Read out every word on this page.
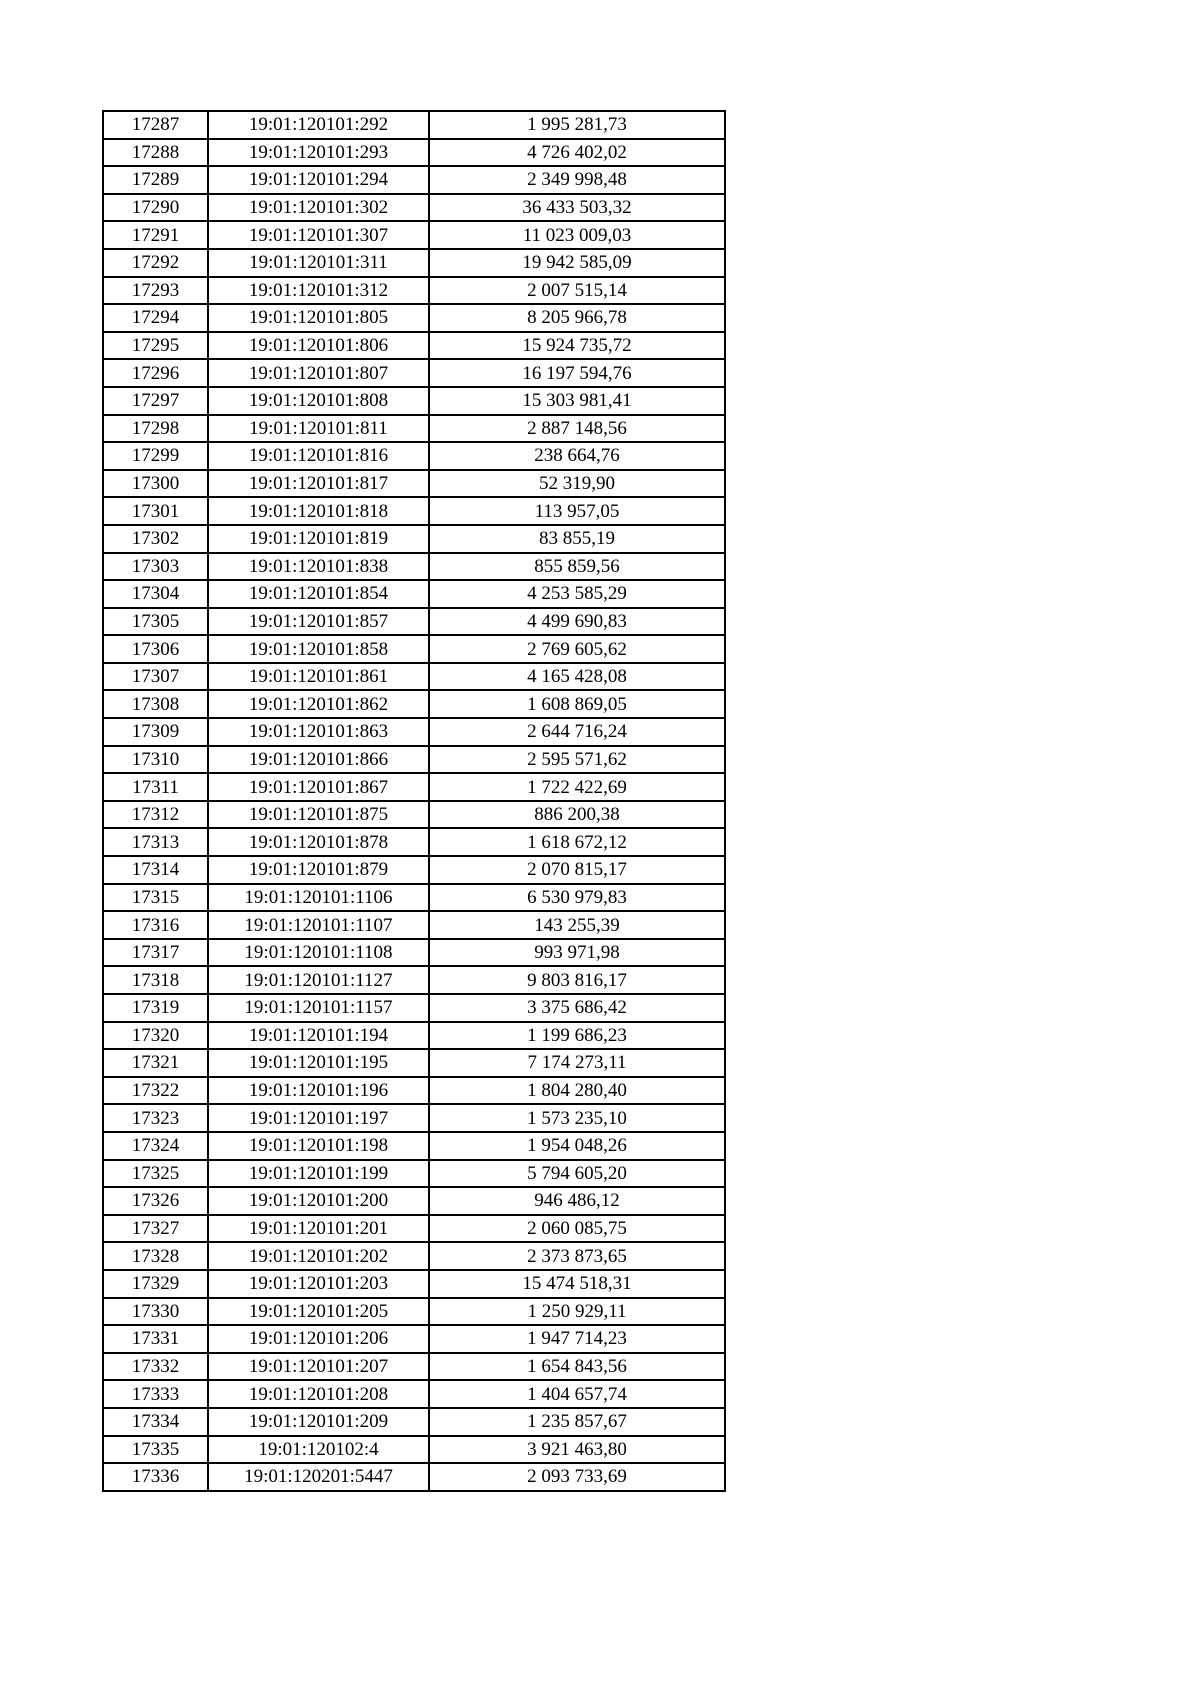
17287	19:01:120101:292	1 995 281,73
17288	19:01:120101:293	4 726 402,02
17289	19:01:120101:294	2 349 998,48
17290	19:01:120101:302	36 433 503,32
17291	19:01:120101:307	11 023 009,03
17292	19:01:120101:311	19 942 585,09
17293	19:01:120101:312	2 007 515,14
17294	19:01:120101:805	8 205 966,78
17295	19:01:120101:806	15 924 735,72
17296	19:01:120101:807	16 197 594,76
17297	19:01:120101:808	15 303 981,41
17298	19:01:120101:811	2 887 148,56
17299	19:01:120101:816	238 664,76
17300	19:01:120101:817	52 319,90
17301	19:01:120101:818	113 957,05
17302	19:01:120101:819	83 855,19
17303	19:01:120101:838	855 859,56
17304	19:01:120101:854	4 253 585,29
17305	19:01:120101:857	4 499 690,83
17306	19:01:120101:858	2 769 605,62
17307	19:01:120101:861	4 165 428,08
17308	19:01:120101:862	1 608 869,05
17309	19:01:120101:863	2 644 716,24
17310	19:01:120101:866	2 595 571,62
17311	19:01:120101:867	1 722 422,69
17312	19:01:120101:875	886 200,38
17313	19:01:120101:878	1 618 672,12
17314	19:01:120101:879	2 070 815,17
17315	19:01:120101:1106	6 530 979,83
17316	19:01:120101:1107	143 255,39
17317	19:01:120101:1108	993 971,98
17318	19:01:120101:1127	9 803 816,17
17319	19:01:120101:1157	3 375 686,42
17320	19:01:120101:194	1 199 686,23
17321	19:01:120101:195	7 174 273,11
17322	19:01:120101:196	1 804 280,40
17323	19:01:120101:197	1 573 235,10
17324	19:01:120101:198	1 954 048,26
17325	19:01:120101:199	5 794 605,20
17326	19:01:120101:200	946 486,12
17327	19:01:120101:201	2 060 085,75
17328	19:01:120101:202	2 373 873,65
17329	19:01:120101:203	15 474 518,31
17330	19:01:120101:205	1 250 929,11
17331	19:01:120101:206	1 947 714,23
17332	19:01:120101:207	1 654 843,56
17333	19:01:120101:208	1 404 657,74
17334	19:01:120101:209	1 235 857,67
17335	19:01:120102:4	3 921 463,80
17336	19:01:120201:5447	2 093 733,69
